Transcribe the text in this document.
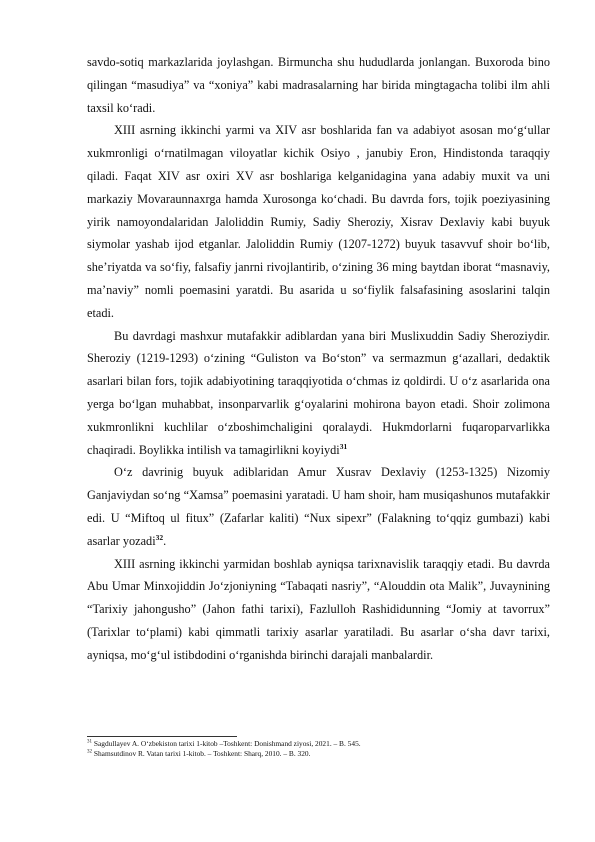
savdo-sotiq markazlarida joylashgan. Birmuncha shu hududlarda jonlangan. Buxoroda bino qilingan “masudiya” va “xoniya” kabi madrasalarning har birida mingtagacha tolibi ilm ahli taxsil ko‘radi.

XIII asrning ikkinchi yarmi va XIV asr boshlarida fan va adabiyot asosan mo‘g‘ullar xukmronligi o‘rnatilmagan viloyatlar kichik Osiyo , janubiy Eron, Hindistonda taraqqiy qiladi. Faqat XIV asr oxiri XV asr boshlariga kelganidagina yana adabiy muxit va uni markaziy Movaraunnaxrga hamda Xurosonga ko‘chadi. Bu davrda fors, tojik poeziyasining yirik namoyondalaridan Jaloliddin Rumiy, Sadiy Sheroziy, Xisrav Dexlaviy kabi buyuk siymolar yashab ijod etganlar. Jaloliddin Rumiy (1207-1272) buyuk tasavvuf shoir bo‘lib, she’riyatda va so‘fiy, falsafiy janrni rivojlantirib, o‘zining 36 ming baytdan iborat “masnaviy, ma’naviy” nomli poemasini yaratdi. Bu asarida u so‘fiylik falsafasining asoslarini talqin etadi.

Bu davrdagi mashxur mutafakkir adiblardan yana biri Muslixuddin Sadiy Sheroziydir. Sheroziy (1219-1293) o‘zining “Guliston va Bo‘ston” va sermazmun g‘azallari, dedaktik asarlari bilan fors, tojik adabiyotining taraqqiyotida o‘chmas iz qoldirdi. U o‘z asarlarida ona yerga bo‘lgan muhabbat, insonparvarlik g‘oyalarini mohirona bayon etadi. Shoir zolimona xukmronlikni kuchlilar o‘zboshimchaligini qoralaydi. Hukmdorlarni fuqaroparvarlikka chaqiradi. Boylikka intilish va tamagirlikni koyiydi$^{31}$

O‘z davrinig buyuk adiblaridan Amur Xusrav Dexlaviy (1253-1325) Nizomiy Ganjaviydan so‘ng “Xamsa” poemasini yaratadi. U ham shoir, ham musiqashunos mutafakkir edi. U “Miftoq ul fitux” (Zafarlar kaliti) “Nux sipexr” (Falakning to‘qqiz gumbazi) kabi asarlar yozadi$^{32}$.

XIII asrning ikkinchi yarmidan boshlab ayniqsa tarixnavislik taraqqiy etadi. Bu davrda Abu Umar Minxojiddin Jo‘zjoniyning “Tabaqati nasriy”, “Alouddin ota Malik”, Juvaynining “Tarixiy jahongusho” (Jahon fathi tarixi), Fazlulloh Rashididunning “Jomiy at tavorrux” (Tarixlar to‘plami) kabi qimmatli tarixiy asarlar yaratiladi. Bu asarlar o‘sha davr tarixi, ayniqsa, mo‘g‘ul istibdodini o‘rganishda birinchi darajali manbalardir.

$^{31}$ Sagdullayev A. O‘zbekiston tarixi 1-kitob –Toshkent: Donishmand ziyosi, 2021. – B. 545.

$^{32}$ Shamsutdinov R. Vatan tarixi 1-kitob. – Toshkent: Sharq, 2010. – B. 320.
